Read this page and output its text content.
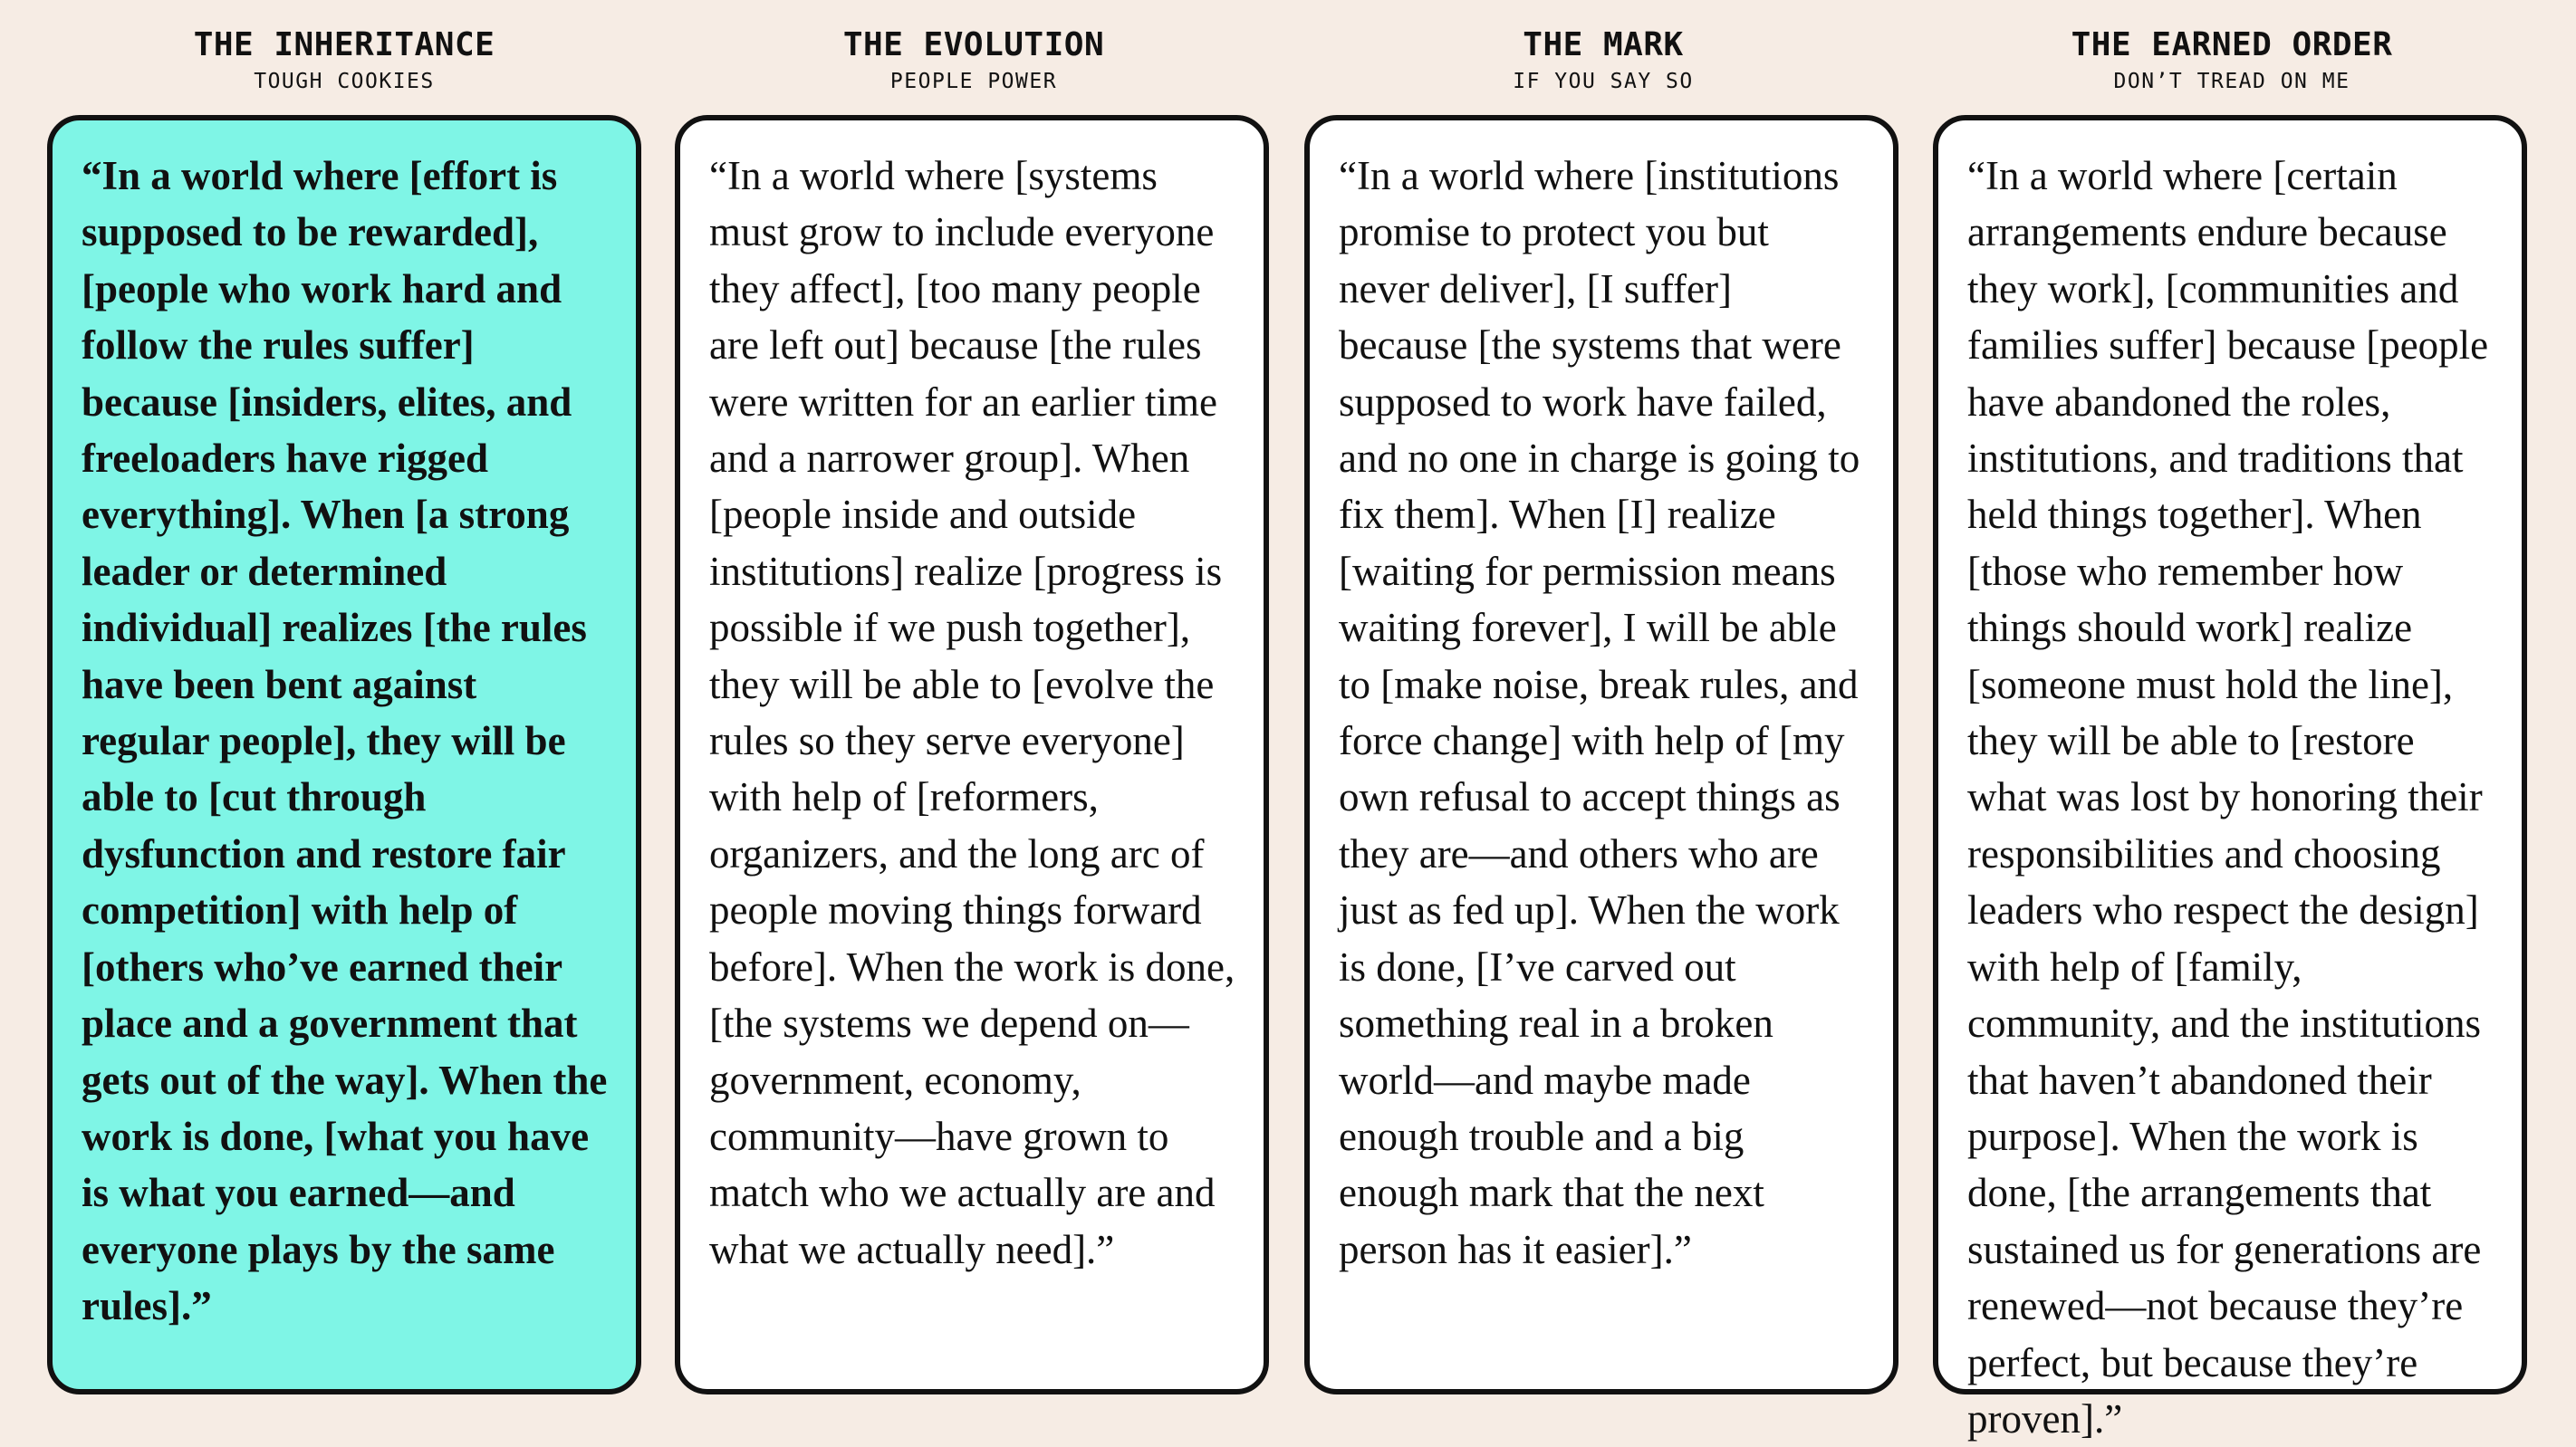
THE INHERITANCE
TOUGH COOKIES

“In a world where [effort is supposed to be rewarded], [people who work hard and follow the rules suffer] because [insiders, elites, and freeloaders have rigged everything]. When [a strong leader or determined individual] realizes [the rules have been bent against regular people], they will be able to [cut through dysfunction and restore fair competition] with help of [others who’ve earned their place and a government that gets out of the way]. When the work is done, [what you have is what you earned—and everyone plays by the same rules].”

THE EVOLUTION
PEOPLE POWER

“In a world where [systems must grow to include everyone they affect], [too many people are left out] because [the rules were written for an earlier time and a narrower group]. When [people inside and outside institutions] realize [progress is possible if we push together], they will be able to [evolve the rules so they serve everyone] with help of [reformers, organizers, and the long arc of people moving things forward before]. When the work is done, [the systems we depend on—government, economy, community—have grown to match who we actually are and what we actually need].”

THE MARK
IF YOU SAY SO

“In a world where [institutions promise to protect you but never deliver], [I suffer] because [the systems that were supposed to work have failed, and no one in charge is going to fix them]. When [I] realize [waiting for permission means waiting forever], I will be able to [make noise, break rules, and force change] with help of [my own refusal to accept things as they are—and others who are just as fed up]. When the work is done, [I’ve carved out something real in a broken world—and maybe made enough trouble and a big enough mark that the next person has it easier].”

THE EARNED ORDER
DON’T TREAD ON ME

“In a world where [certain arrangements endure because they work], [communities and families suffer] because [people have abandoned the roles, institutions, and traditions that held things together]. When [those who remember how things should work] realize [someone must hold the line], they will be able to [restore what was lost by honoring their responsibilities and choosing leaders who respect the design] with help of [family, community, and the institutions that haven’t abandoned their purpose]. When the work is done, [the arrangements that sustained us for generations are renewed—not because they’re perfect, but because they’re proven].”
